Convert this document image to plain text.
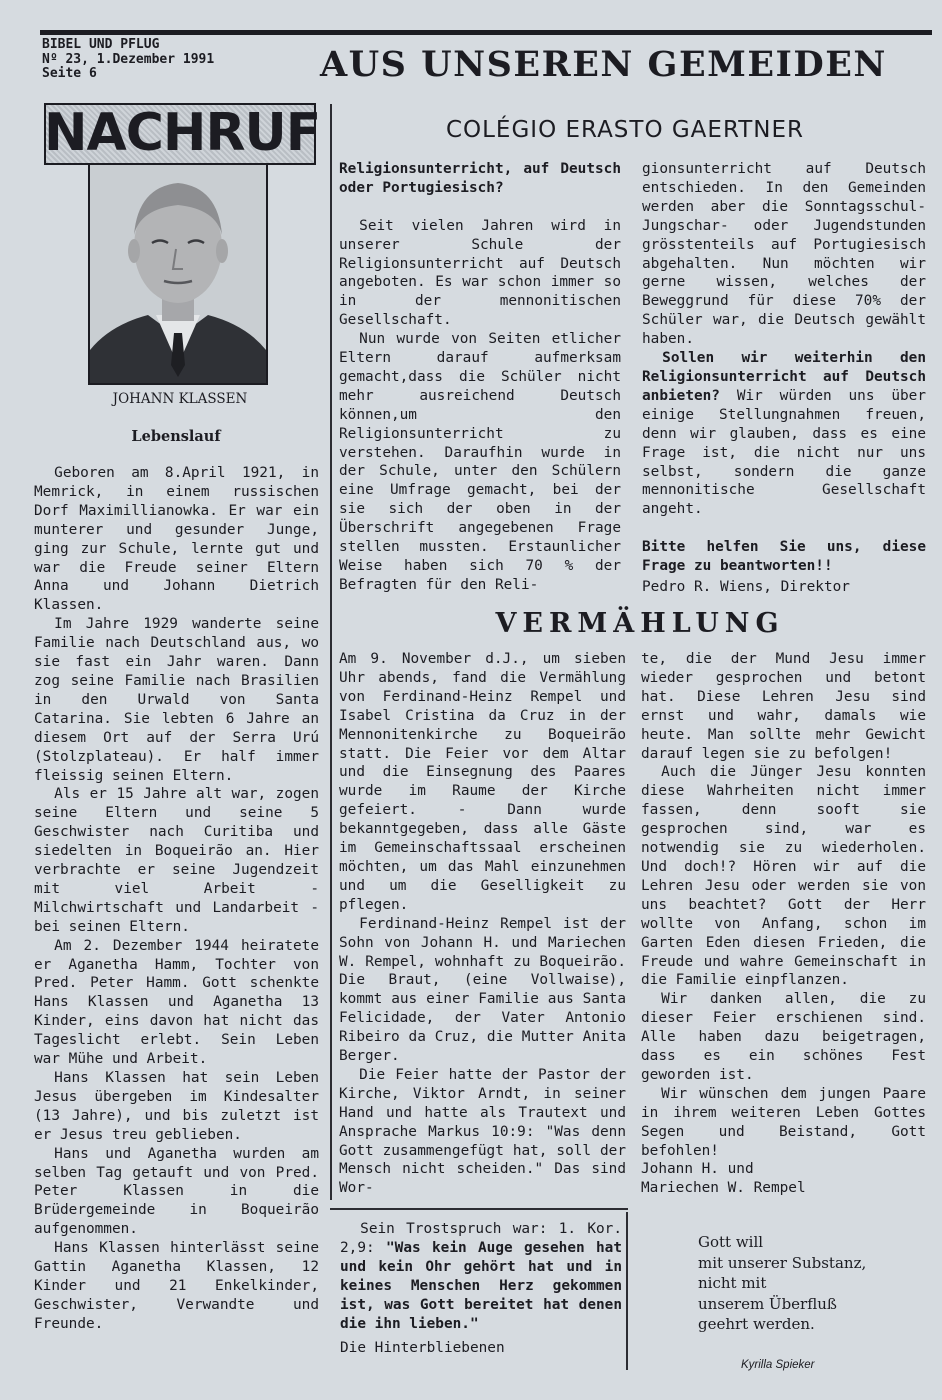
BIBEL UND PFLUG
Nº 23, 1.Dezember 1991
Seite 6	AUS UNSEREN GEMEIDEN
NACHRUF
JOHANN KLASSEN
Lebenslauf

Geboren am 8.April 1921, in Memrick, in einem russischen Dorf Maximillianowka. Er war ein munterer und gesunder Junge, ging zur Schule, lernte gut und war die Freude seiner Eltern Anna und Johann Dietrich Klassen.

Im Jahre 1929 wanderte seine Familie nach Deutschland aus, wo sie fast ein Jahr waren. Dann zog seine Familie nach Brasilien in den Urwald von Santa Catarina. Sie lebten 6 Jahre an diesem Ort auf der Serra Urú (Stolzplateau). Er half immer fleissig seinen Eltern.

Als er 15 Jahre alt war, zogen seine Eltern und seine 5 Geschwister nach Curitiba und siedelten in Boqueirão an. Hier verbrachte er seine Jugendzeit mit viel Arbeit - Milchwirtschaft und Landarbeit - bei seinen Eltern.

Am 2. Dezember 1944 heiratete er Aganetha Hamm, Tochter von Pred. Peter Hamm. Gott schenkte Hans Klassen und Aganetha 13 Kinder, eins davon hat nicht das Tageslicht erlebt. Sein Leben war Mühe und Arbeit.

Hans Klassen hat sein Leben Jesus übergeben im Kindesalter (13 Jahre), und bis zuletzt ist er Jesus treu geblieben.

Hans und Aganetha wurden am selben Tag getauft und von Pred. Peter Klassen in die Brüdergemeinde in Boqueirão aufgenommen.

Hans Klassen hinterlässt seine Gattin Aganetha Klassen, 12 Kinder und 21 Enkelkinder, Geschwister, Verwandte und Freunde.

COLÉGIO ERASTO GAERTNER

Religionsunterricht, auf Deutsch oder Portugiesisch?

Seit vielen Jahren wird in unserer Schule der Religionsunterricht auf Deutsch angeboten. Es war schon immer so in der mennonitischen Gesellschaft.

Nun wurde von Seiten etlicher Eltern darauf aufmerksam gemacht,dass die Schüler nicht mehr ausreichend Deutsch können,um den Religionsunterricht zu verstehen. Daraufhin wurde in der Schule, unter den Schülern eine Umfrage gemacht, bei der sie sich der oben in der Überschrift angegebenen Frage stellen mussten. Erstaunlicher Weise haben sich 70 % der Befragten für den Reli-

gionsunterricht auf Deutsch entschieden. In den Gemeinden werden aber die Sonntagsschul-Jungschar- oder Jugendstunden grösstenteils auf Portugiesisch abgehalten. Nun möchten wir gerne wissen, welches der Beweggrund für diese 70% der Schüler war, die Deutsch gewählt haben.

Sollen wir weiterhin den Religionsunterricht auf Deutsch anbieten? Wir würden uns über einige Stellungnahmen freuen, denn wir glauben, dass es eine Frage ist, die nicht nur uns selbst, sondern die ganze mennonitische Gesellschaft angeht.

Bitte helfen Sie uns, diese Frage zu beantworten!!

Pedro R. Wiens, Direktor

VERMÄHLUNG

Am 9. November d.J., um sieben Uhr abends, fand die Vermählung von Ferdinand-Heinz Rempel und Isabel Cristina da Cruz in der Mennonitenkirche zu Boqueirão statt. Die Feier vor dem Altar und die Einsegnung des Paares wurde im Raume der Kirche gefeiert. - Dann wurde bekanntgegeben, dass alle Gäste im Gemeinschaftssaal erscheinen möchten, um das Mahl einzunehmen und um die Geselligkeit zu pflegen.

Ferdinand-Heinz Rempel ist der Sohn von Johann H. und Mariechen W. Rempel, wohnhaft zu Boqueirão. Die Braut, (eine Vollwaise), kommt aus einer Familie aus Santa Felicidade, der Vater Antonio Ribeiro da Cruz, die Mutter Anita Berger.

Die Feier hatte der Pastor der Kirche, Viktor Arndt, in seiner Hand und hatte als Trautext und Ansprache Markus 10:9: "Was denn Gott zusammengefügt hat, soll der Mensch nicht scheiden." Das sind Wor-

te, die der Mund Jesu immer wieder gesprochen und betont hat. Diese Lehren Jesu sind ernst und wahr, damals wie heute. Man sollte mehr Gewicht darauf legen sie zu befolgen!

Auch die Jünger Jesu konnten diese Wahrheiten nicht immer fassen, denn sooft sie gesprochen sind, war es notwendig sie zu wiederholen. Und doch!? Hören wir auf die Lehren Jesu oder werden sie von uns beachtet? Gott der Herr wollte von Anfang, schon im Garten Eden diesen Frieden, die Freude und wahre Gemeinschaft in die Familie einpflanzen.

Wir danken allen, die zu dieser Feier erschienen sind. Alle haben dazu beigetragen, dass es ein schönes Fest geworden ist.

Wir wünschen dem jungen Paare in ihrem weiteren Leben Gottes Segen und Beistand, Gott befohlen!

Johann H. und

Mariechen W. Rempel

Sein Trostspruch war: 1. Kor. 2,9: "Was kein Auge gesehen hat und kein Ohr gehört hat und in keines Menschen Herz gekommen ist, was Gott bereitet hat denen die ihn lieben."

Die Hinterbliebenen

Gott will
mit unserer Substanz,
nicht mit
unserem Überfluß
geehrt werden.
Kyrilla Spieker
